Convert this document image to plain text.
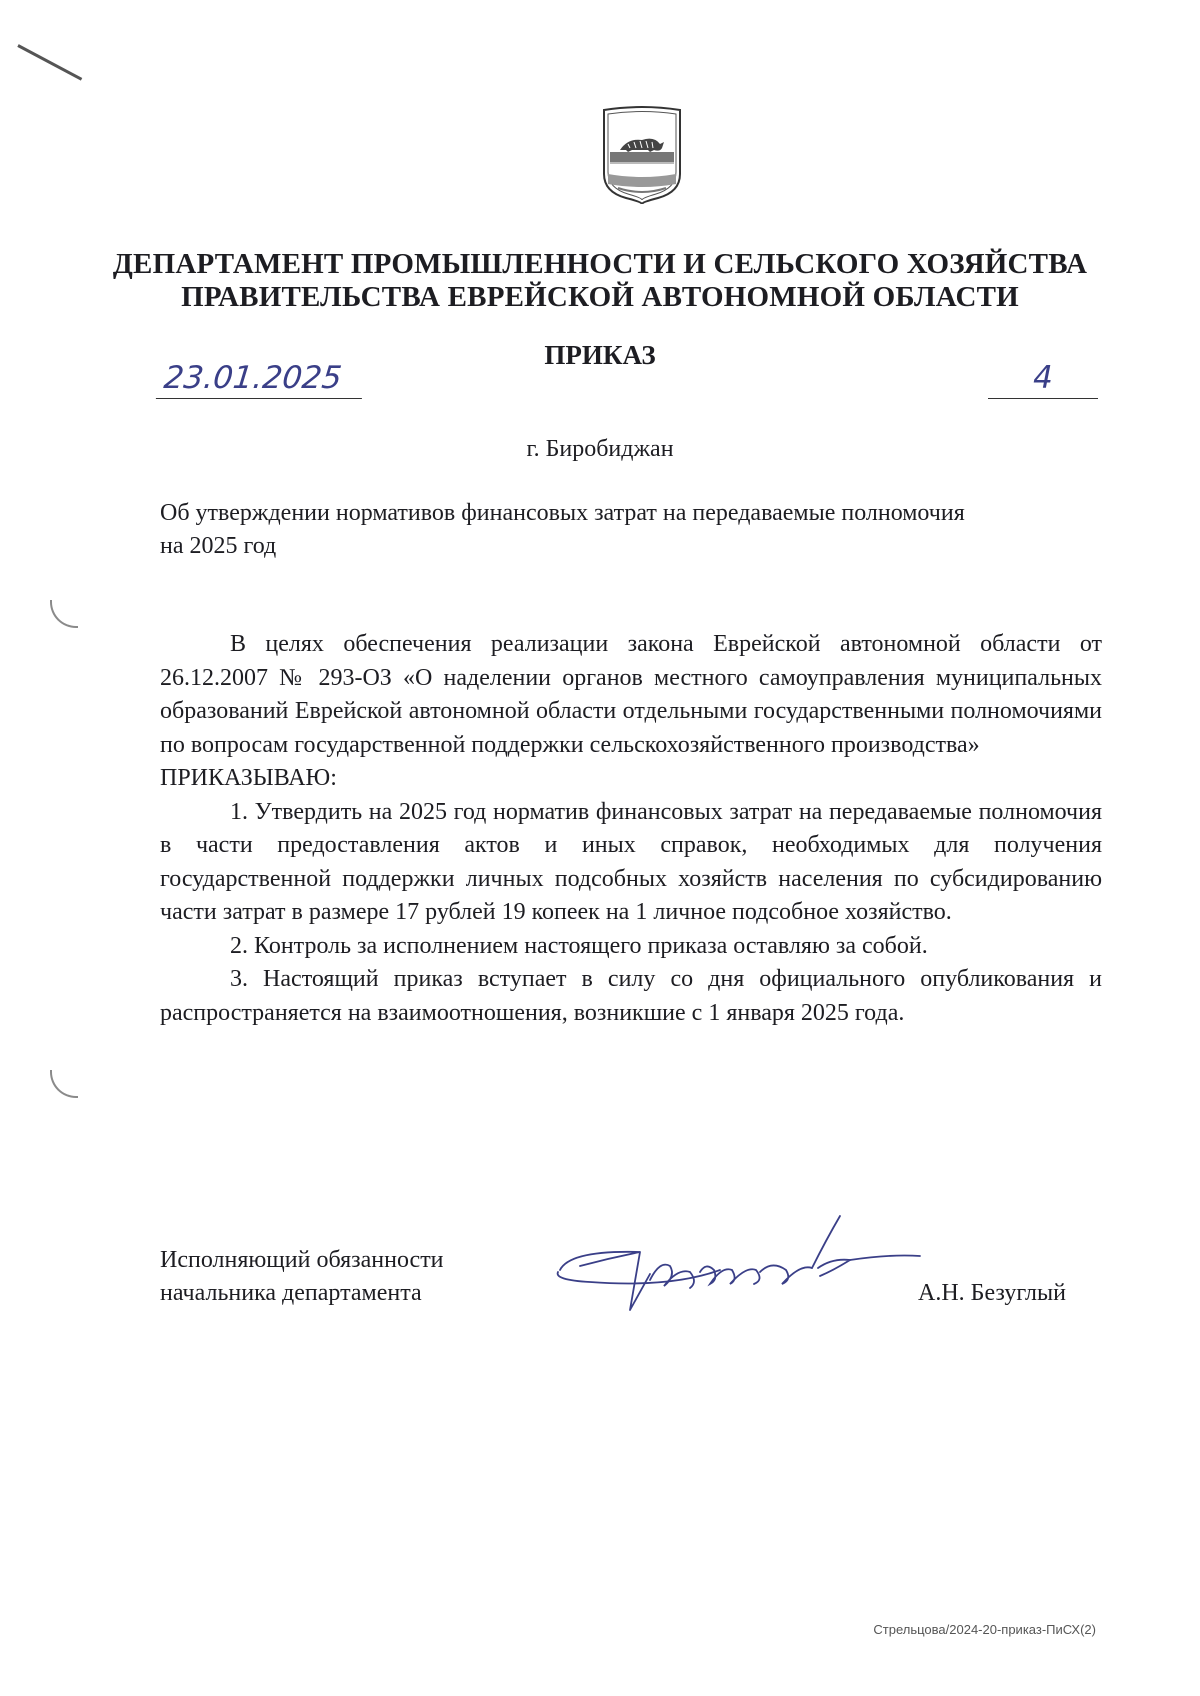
ДЕПАРТАМЕНТ ПРОМЫШЛЕННОСТИ И СЕЛЬСКОГО ХОЗЯЙСТВА
ПРАВИТЕЛЬСТВА ЕВРЕЙСКОЙ АВТОНОМНОЙ ОБЛАСТИ
ПРИКАЗ
23.01.2025	4
г. Биробиджан
Об утверждении нормативов финансовых затрат на передаваемые полномочия
на 2025 год

В целях обеспечения реализации закона Еврейской автономной области от 26.12.2007 № 293-ОЗ «О наделении органов местного самоуправления муниципальных образований Еврейской автономной области отдельными государственными полномочиями по вопросам государственной поддержки сельскохозяйственного производства»

ПРИКАЗЫВАЮ:

1. Утвердить на 2025 год норматив финансовых затрат на передаваемые полномочия в части предоставления актов и иных справок, необходимых для получения государственной поддержки личных подсобных хозяйств населения по субсидированию части затрат в размере 17 рублей 19 копеек на 1 личное подсобное хозяйство.

2. Контроль за исполнением настоящего приказа оставляю за собой.

3. Настоящий приказ вступает в силу со дня официального опубликования и распространяется на взаимоотношения, возникшие с 1 января 2025 года.

Исполняющий обязанности
начальника департамента	А.Н. Безуглый
Стрельцова/2024-20-приказ-ПиСХ(2)
